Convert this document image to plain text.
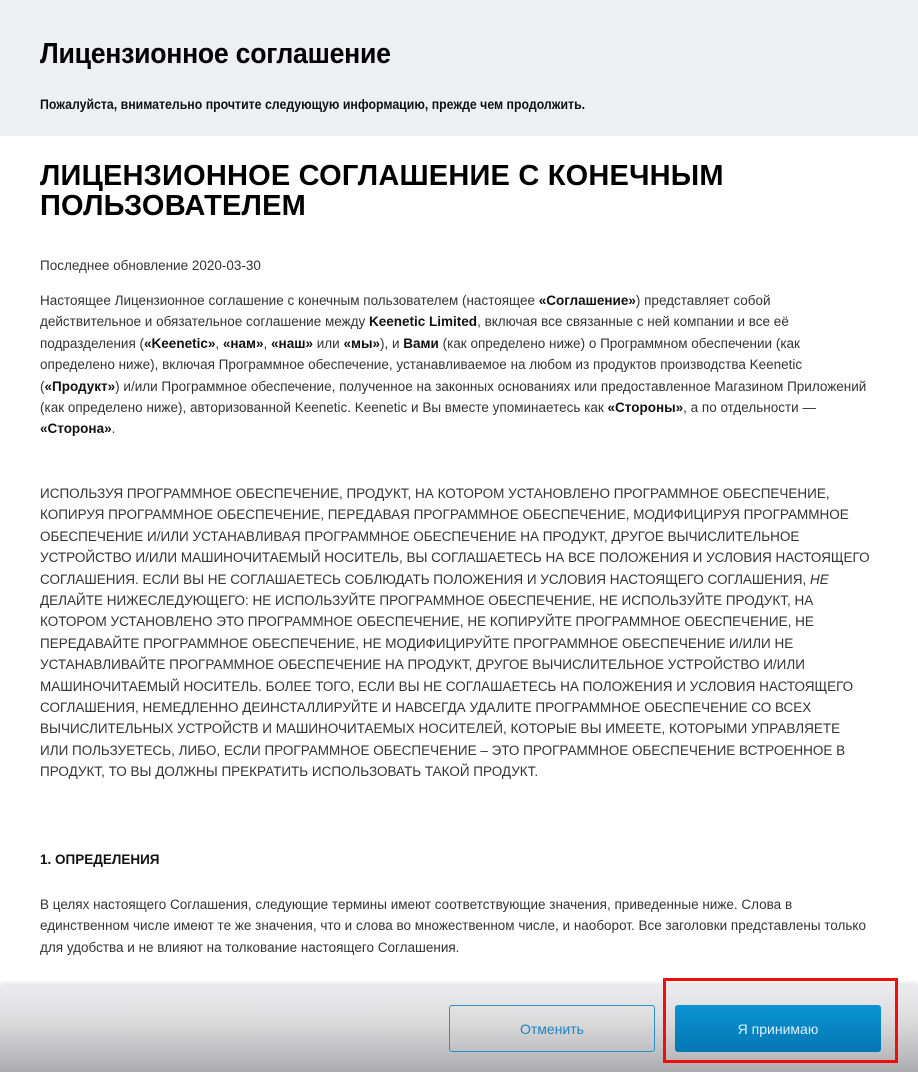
Лицензионное соглашение
Пожалуйста, внимательно прочтите следующую информацию, прежде чем продолжить.
ЛИЦЕНЗИОННОЕ СОГЛАШЕНИЕ С КОНЕЧНЫМ ПОЛЬЗОВАТЕЛЕМ
Последнее обновление 2020-03-30
Настоящее Лицензионное соглашение с конечным пользователем (настоящее «Соглашение») представляет собой действительное и обязательное соглашение между Keenetic Limited, включая все связанные с ней компании и все её подразделения («Keenetic», «нам», «наш» или «мы»), и Вами (как определено ниже) о Программном обеспечении (как определено ниже), включая Программное обеспечение, устанавливаемое на любом из продуктов производства Keenetic («Продукт») и/или Программное обеспечение, полученное на законных основаниях или предоставленное Магазином Приложений (как определено ниже), авторизованной Keenetic. Keenetic и Вы вместе упоминаетесь как «Стороны», а по отдельности — «Сторона».
ИСПОЛЬЗУЯ ПРОГРАММНОЕ ОБЕСПЕЧЕНИЕ, ПРОДУКТ, НА КОТОРОМ УСТАНОВЛЕНО ПРОГРАММНОЕ ОБЕСПЕЧЕНИЕ, КОПИРУЯ ПРОГРАММНОЕ ОБЕСПЕЧЕНИЕ, ПЕРЕДАВАЯ ПРОГРАММНОЕ ОБЕСПЕЧЕНИЕ, МОДИФИЦИРУЯ ПРОГРАММНОЕ ОБЕСПЕЧЕНИЕ И/ИЛИ УСТАНАВЛИВАЯ ПРОГРАММНОЕ ОБЕСПЕЧЕНИЕ НА ПРОДУКТ, ДРУГОЕ ВЫЧИСЛИТЕЛЬНОЕ УСТРОЙСТВО И/ИЛИ МАШИНОЧИТАЕМЫЙ НОСИТЕЛЬ, ВЫ СОГЛАШАЕТЕСЬ НА ВСЕ ПОЛОЖЕНИЯ И УСЛОВИЯ НАСТОЯЩЕГО СОГЛАШЕНИЯ. ЕСЛИ ВЫ НЕ СОГЛАШАЕТЕСЬ СОБЛЮДАТЬ ПОЛОЖЕНИЯ И УСЛОВИЯ НАСТОЯЩЕГО СОГЛАШЕНИЯ, НЕ ДЕЛАЙТЕ НИЖЕСЛЕДУЮЩЕГО: НЕ ИСПОЛЬЗУЙТЕ ПРОГРАММНОЕ ОБЕСПЕЧЕНИЕ, НЕ ИСПОЛЬЗУЙТЕ ПРОДУКТ, НА КОТОРОМ УСТАНОВЛЕНО ЭТО ПРОГРАММНОЕ ОБЕСПЕЧЕНИЕ, НЕ КОПИРУЙТЕ ПРОГРАММНОЕ ОБЕСПЕЧЕНИЕ, НЕ ПЕРЕДАВАЙТЕ ПРОГРАММНОЕ ОБЕСПЕЧЕНИЕ, НЕ МОДИФИЦИРУЙТЕ ПРОГРАММНОЕ ОБЕСПЕЧЕНИЕ И/ИЛИ НЕ УСТАНАВЛИВАЙТЕ ПРОГРАММНОЕ ОБЕСПЕЧЕНИЕ НА ПРОДУКТ, ДРУГОЕ ВЫЧИСЛИТЕЛЬНОЕ УСТРОЙСТВО И/ИЛИ МАШИНОЧИТАЕМЫЙ НОСИТЕЛЬ. БОЛЕЕ ТОГО, ЕСЛИ ВЫ НЕ СОГЛАШАЕТЕСЬ НА ПОЛОЖЕНИЯ И УСЛОВИЯ НАСТОЯЩЕГО СОГЛАШЕНИЯ, НЕМЕДЛЕННО ДЕИНСТАЛЛИРУЙТЕ И НАВСЕГДА УДАЛИТЕ ПРОГРАММНОЕ ОБЕСПЕЧЕНИЕ СО ВСЕХ ВЫЧИСЛИТЕЛЬНЫХ УСТРОЙСТВ И МАШИНОЧИТАЕМЫХ НОСИТЕЛЕЙ, КОТОРЫЕ ВЫ ИМЕЕТЕ, КОТОРЫМИ УПРАВЛЯЕТЕ ИЛИ ПОЛЬЗУЕТЕСЬ, ЛИБО, ЕСЛИ ПРОГРАММНОЕ ОБЕСПЕЧЕНИЕ – ЭТО ПРОГРАММНОЕ ОБЕСПЕЧЕНИЕ ВСТРОЕННОЕ В ПРОДУКТ, ТО ВЫ ДОЛЖНЫ ПРЕКРАТИТЬ ИСПОЛЬЗОВАТЬ ТАКОЙ ПРОДУКТ.
1. ОПРЕДЕЛЕНИЯ
В целях настоящего Соглашения, следующие термины имеют соответствующие значения, приведенные ниже. Слова в единственном числе имеют те же значения, что и слова во множественном числе, и наоборот. Все заголовки представлены только для удобства и не влияют на толкование настоящего Соглашения.
Отменить	Я принимаю
